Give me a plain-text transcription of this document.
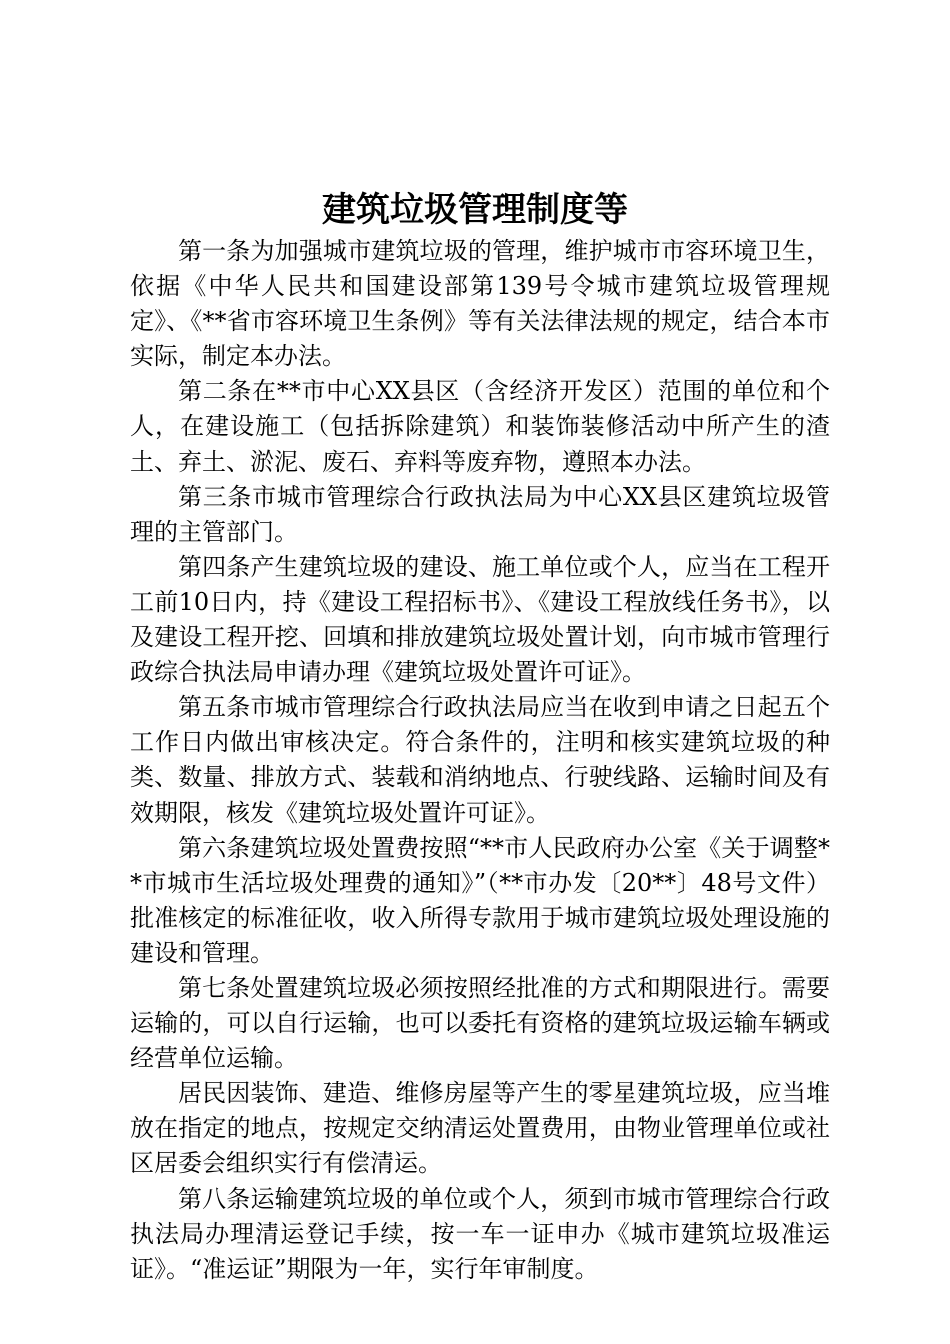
建筑垃圾管理制度等

第一条为加强城市建筑垃圾的管理，维护城市市容环境卫生，依据《中华人民共和国建设部第139号令城市建筑垃圾管理规定》、《**省市容环境卫生条例》等有关法律法规的规定，结合本市实际，制定本办法。

第二条在**市中心XX县区（含经济开发区）范围的单位和个人，在建设施工（包括拆除建筑）和装饰装修活动中所产生的渣土、弃土、淤泥、废石、弃料等废弃物，遵照本办法。

第三条市城市管理综合行政执法局为中心XX县区建筑垃圾管理的主管部门。

第四条产生建筑垃圾的建设、施工单位或个人，应当在工程开工前10日内，持《建设工程招标书》、《建设工程放线任务书》，以及建设工程开挖、回填和排放建筑垃圾处置计划，向市城市管理行政综合执法局申请办理《建筑垃圾处置许可证》。

第五条市城市管理综合行政执法局应当在收到申请之日起五个工作日内做出审核决定。符合条件的，注明和核实建筑垃圾的种类、数量、排放方式、装载和消纳地点、行驶线路、运输时间及有效期限，核发《建筑垃圾处置许可证》。

第六条建筑垃圾处置费按照“**市人民政府办公室《关于调整**市城市生活垃圾处理费的通知》”（**市办发〔20**〕48号文件）批准核定的标准征收，收入所得专款用于城市建筑垃圾处理设施的建设和管理。

第七条处置建筑垃圾必须按照经批准的方式和期限进行。需要运输的，可以自行运输，也可以委托有资格的建筑垃圾运输车辆或经营单位运输。

居民因装饰、建造、维修房屋等产生的零星建筑垃圾，应当堆放在指定的地点，按规定交纳清运处置费用，由物业管理单位或社区居委会组织实行有偿清运。

第八条运输建筑垃圾的单位或个人，须到市城市管理综合行政执法局办理清运登记手续，按一车一证申办《城市建筑垃圾准运证》。“准运证”期限为一年，实行年审制度。
